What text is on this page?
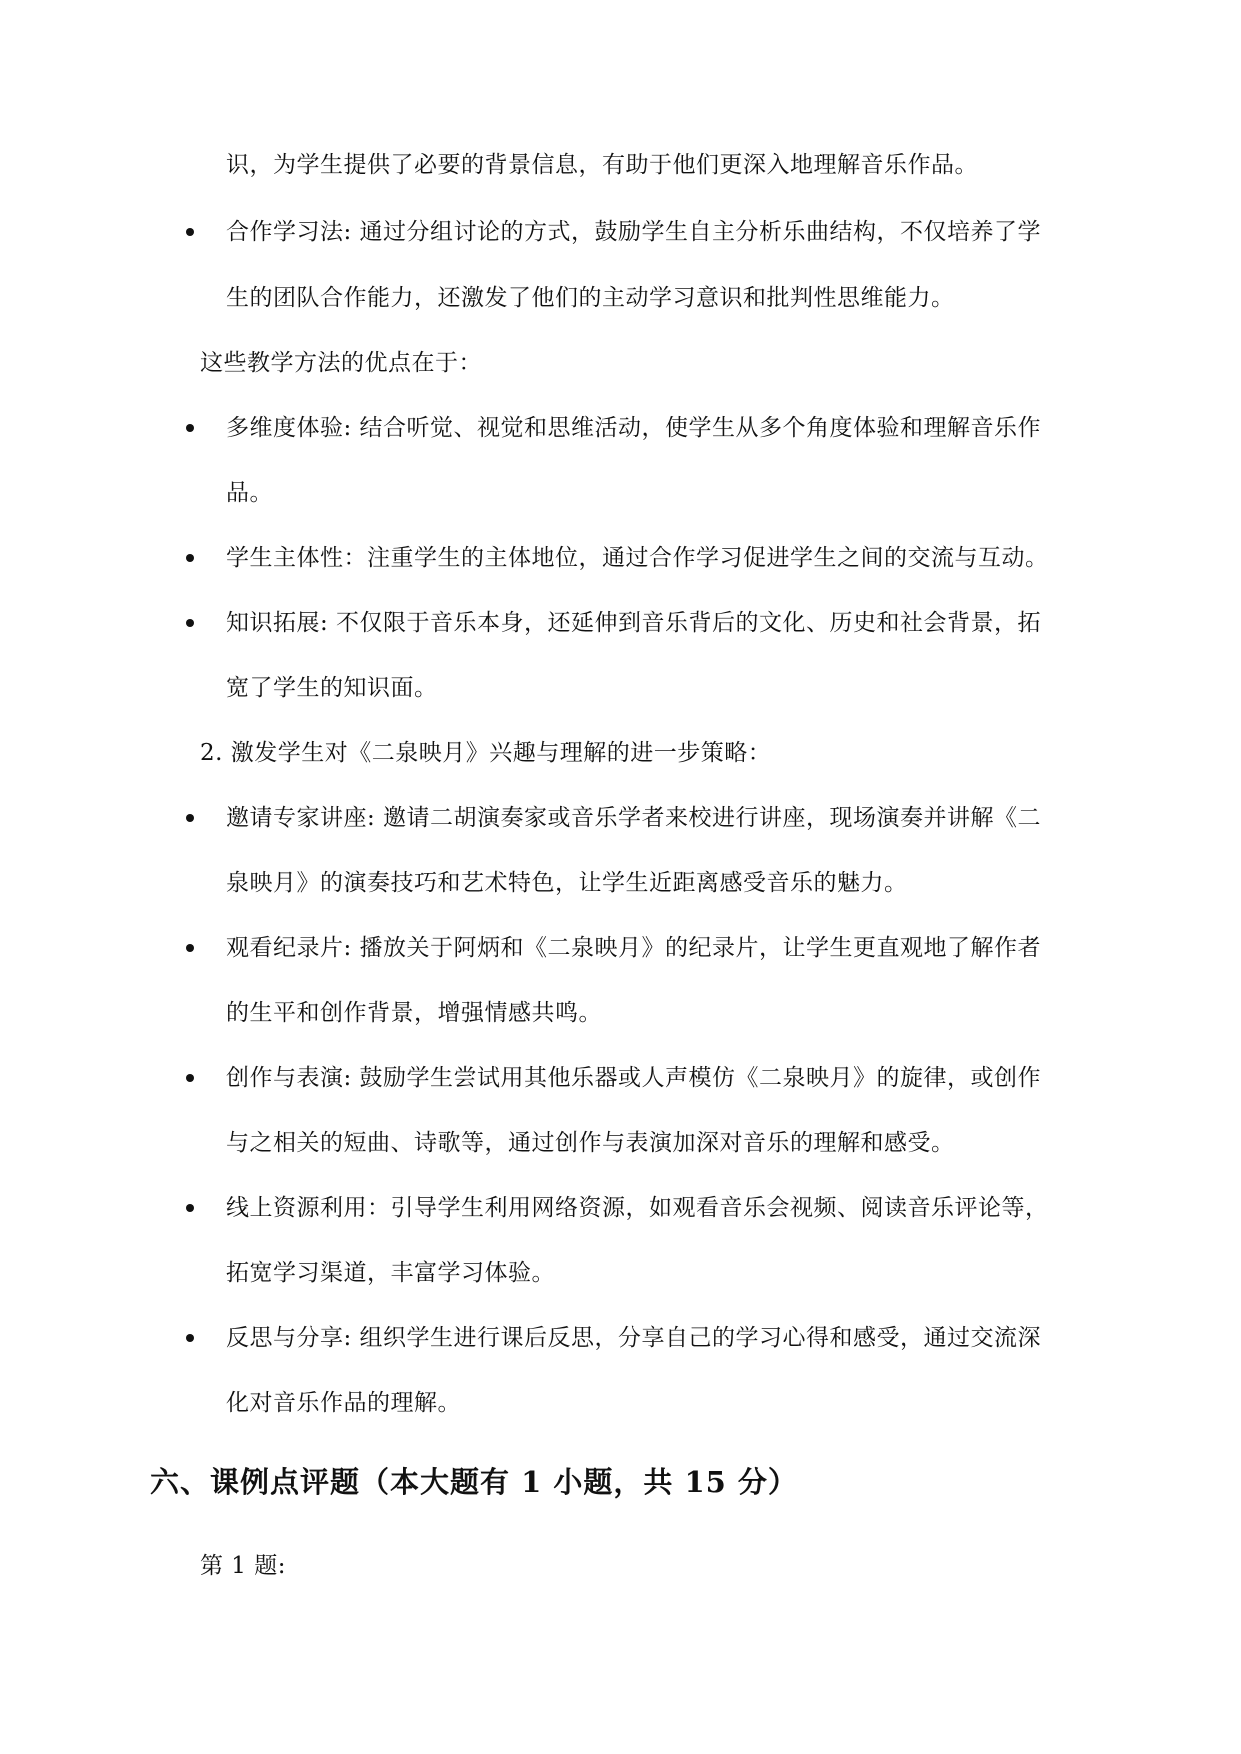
识，为学生提供了必要的背景信息，有助于他们更深入地理解音乐作品。
合作学习法: 通过分组讨论的方式，鼓励学生自主分析乐曲结构，不仅培养了学
生的团队合作能力，还激发了他们的主动学习意识和批判性思维能力。
这些教学方法的优点在于：
多维度体验: 结合听觉、视觉和思维活动，使学生从多个角度体验和理解音乐作
品。
学生主体性：注重学生的主体地位，通过合作学习促进学生之间的交流与互动。
知识拓展: 不仅限于音乐本身，还延伸到音乐背后的文化、历史和社会背景，拓
宽了学生的知识面。
2. 激发学生对《二泉映月》兴趣与理解的进一步策略：
邀请专家讲座: 邀请二胡演奏家或音乐学者来校进行讲座，现场演奏并讲解《二
泉映月》的演奏技巧和艺术特色，让学生近距离感受音乐的魅力。
观看纪录片: 播放关于阿炳和《二泉映月》的纪录片，让学生更直观地了解作者
的生平和创作背景，增强情感共鸣。
创作与表演: 鼓励学生尝试用其他乐器或人声模仿《二泉映月》的旋律，或创作
与之相关的短曲、诗歌等，通过创作与表演加深对音乐的理解和感受。
线上资源利用：引导学生利用网络资源，如观看音乐会视频、阅读音乐评论等，
拓宽学习渠道，丰富学习体验。
反思与分享: 组织学生进行课后反思，分享自己的学习心得和感受，通过交流深
化对音乐作品的理解。
六、课例点评题（本大题有 1 小题，共 15 分）
第 1 题:
